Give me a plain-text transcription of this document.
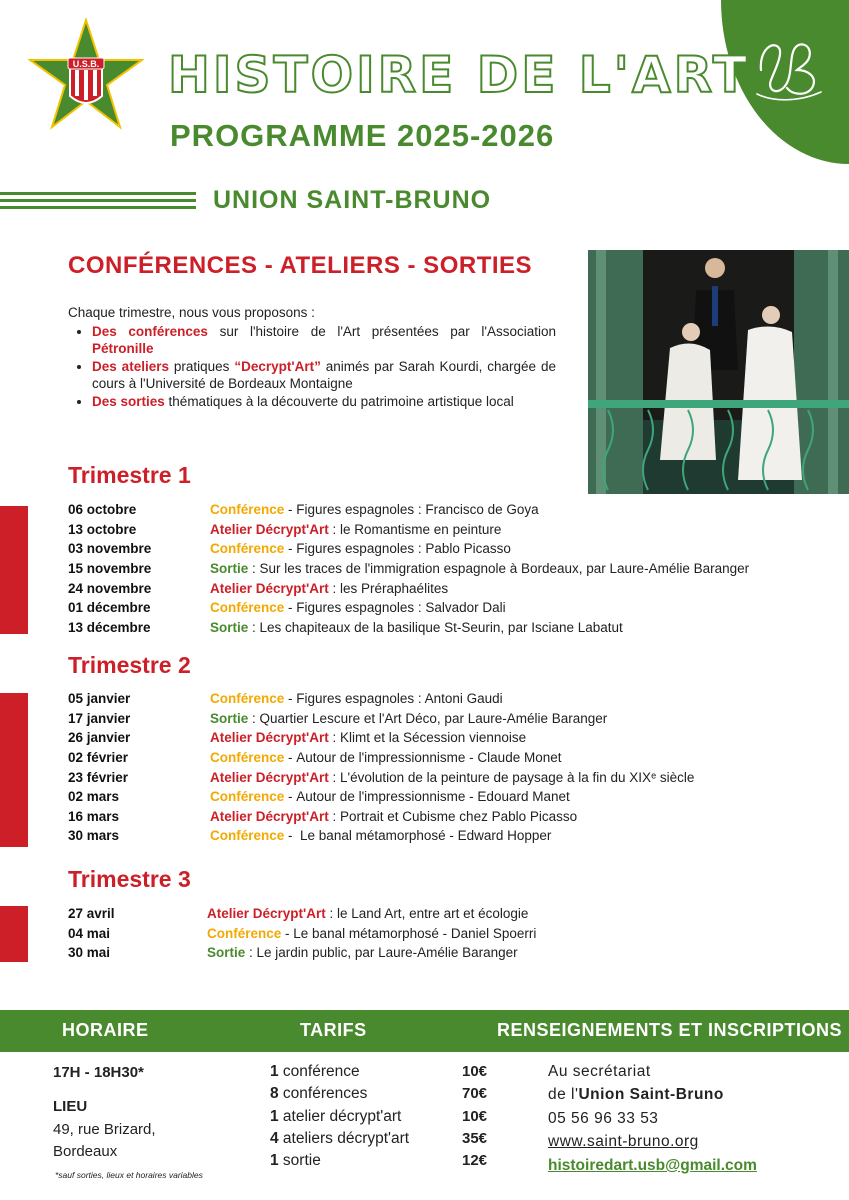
U.S.B. HISTOIRE DE L'ART
PROGRAMME 2025-2026
UNION SAINT-BRUNO
CONFÉRENCES - ATELIERS - SORTIES
Chaque trimestre, nous vous proposons :
• Des conférences sur l'histoire de l'Art présentées par l'Association Pétronille
• Des ateliers pratiques “Decrypt'Art” animés par Sarah Kourdi, chargée de cours à l'Université de Bordeaux Montaigne
• Des sorties thématiques à la découverte du patrimoine artistique local
Trimestre 1
06 octobre	Conférence - Figures espagnoles : Francisco de Goya
13 octobre	Atelier Décrypt'Art : le Romantisme en peinture
03 novembre	Conférence - Figures espagnoles : Pablo Picasso
15 novembre	Sortie : Sur les traces de l'immigration espagnole à Bordeaux, par Laure-Amélie Baranger
24 novembre	Atelier Décrypt'Art : les Préraphaélites
01 décembre	Conférence - Figures espagnoles : Salvador Dali
13 décembre	Sortie : Les chapiteaux de la basilique St-Seurin, par Isciane Labatut
Trimestre 2
05 janvier	Conférence - Figures espagnoles : Antoni Gaudi
17 janvier	Sortie : Quartier Lescure et l'Art Déco, par Laure-Amélie Baranger
26 janvier	Atelier Décrypt'Art : Klimt et la Sécession viennoise
02 février	Conférence - Autour de l'impressionnisme - Claude Monet
23 février	Atelier Décrypt'Art : L'évolution de la peinture de paysage à la fin du XIXᵉ siècle
02 mars	Conférence - Autour de l'impressionnisme - Edouard Manet
16 mars	Atelier Décrypt'Art : Portrait et Cubisme chez Pablo Picasso
30 mars	Conférence - Le banal métamorphosé - Edward Hopper
Trimestre 3
27 avril	Atelier Décrypt'Art : le Land Art, entre art et écologie
04 mai	Conférence - Le banal métamorphosé - Daniel Spoerri
30 mai	Sortie : Le jardin public, par Laure-Amélie Baranger
HORAIRE	TARIFS	RENSEIGNEMENTS ET INSCRIPTIONS
17H - 18H30*
LIEU
49, rue Brizard,
Bordeaux
*sauf sorties, lieux et horaires variables
1 conférence	10€
8 conférences	70€
1 atelier décrypt'art	10€
4 ateliers décrypt'art	35€
1 sortie	12€
Au secrétariat
de l'Union Saint-Bruno
05 56 96 33 53
www.saint-bruno.org
histoiredart.usb@gmail.com
